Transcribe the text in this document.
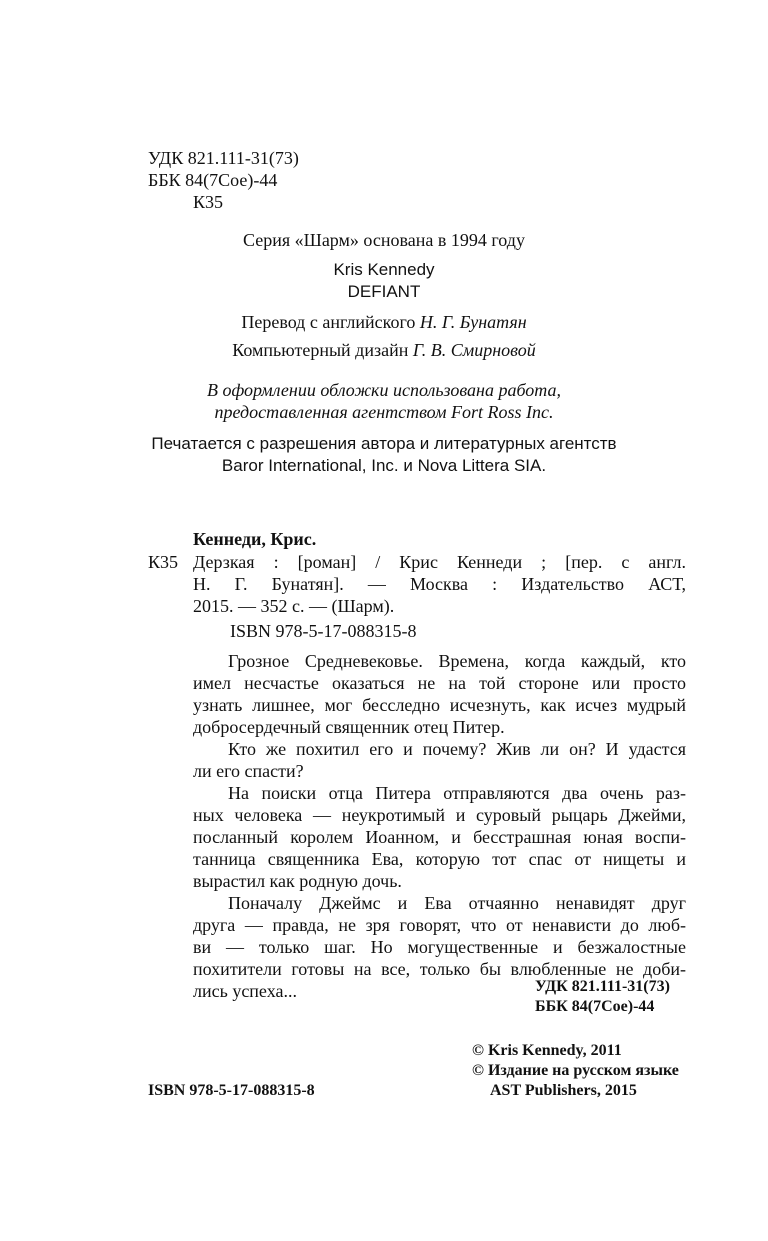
УДК 821.111-31(73)
ББК 84(7Сое)-44
К35
Серия «Шарм» основана в 1994 году
Kris Kennedy
DEFIANT
Перевод с английского Н. Г. Бунатян
Компьютерный дизайн Г. В. Смирновой
В оформлении обложки использована работа,
предоставленная агентством Fort Ross Inc.
Печатается с разрешения автора и литературных агентств
Baror International, Inc. и Nova Littera SIA.
Кеннеди, Крис.
К35 Дерзкая : [роман] / Крис Кеннеди ; [пер. с англ.
Н. Г. Бунатян]. — Москва : Издательство АСТ,
2015. — 352 с. — (Шарм).
ISBN 978-5-17-088315-8
Грозное Средневековье. Времена, когда каждый, кто
имел несчастье оказаться не на той стороне или просто
узнать лишнее, мог бесследно исчезнуть, как исчез мудрый
добросердечный священник отец Питер.
Кто же похитил его и почему? Жив ли он? И удастся
ли его спасти?
На поиски отца Питера отправляются два очень раз-
ных человека — неукротимый и суровый рыцарь Джейми,
посланный королем Иоанном, и бесстрашная юная воспи-
танница священника Ева, которую тот спас от нищеты и
вырастил как родную дочь.
Поначалу Джеймс и Ева отчаянно ненавидят друг
друга — правда, не зря говорят, что от ненависти до люб-
ви — только шаг. Но могущественные и безжалостные
похитители готовы на все, только бы влюбленные не доби-
лись успеха...	УДК 821.111-31(73)
ББК 84(7Сое)-44
© Kris Kennedy, 2011
© Издание на русском языке
AST Publishers, 2015
ISBN 978-5-17-088315-8
